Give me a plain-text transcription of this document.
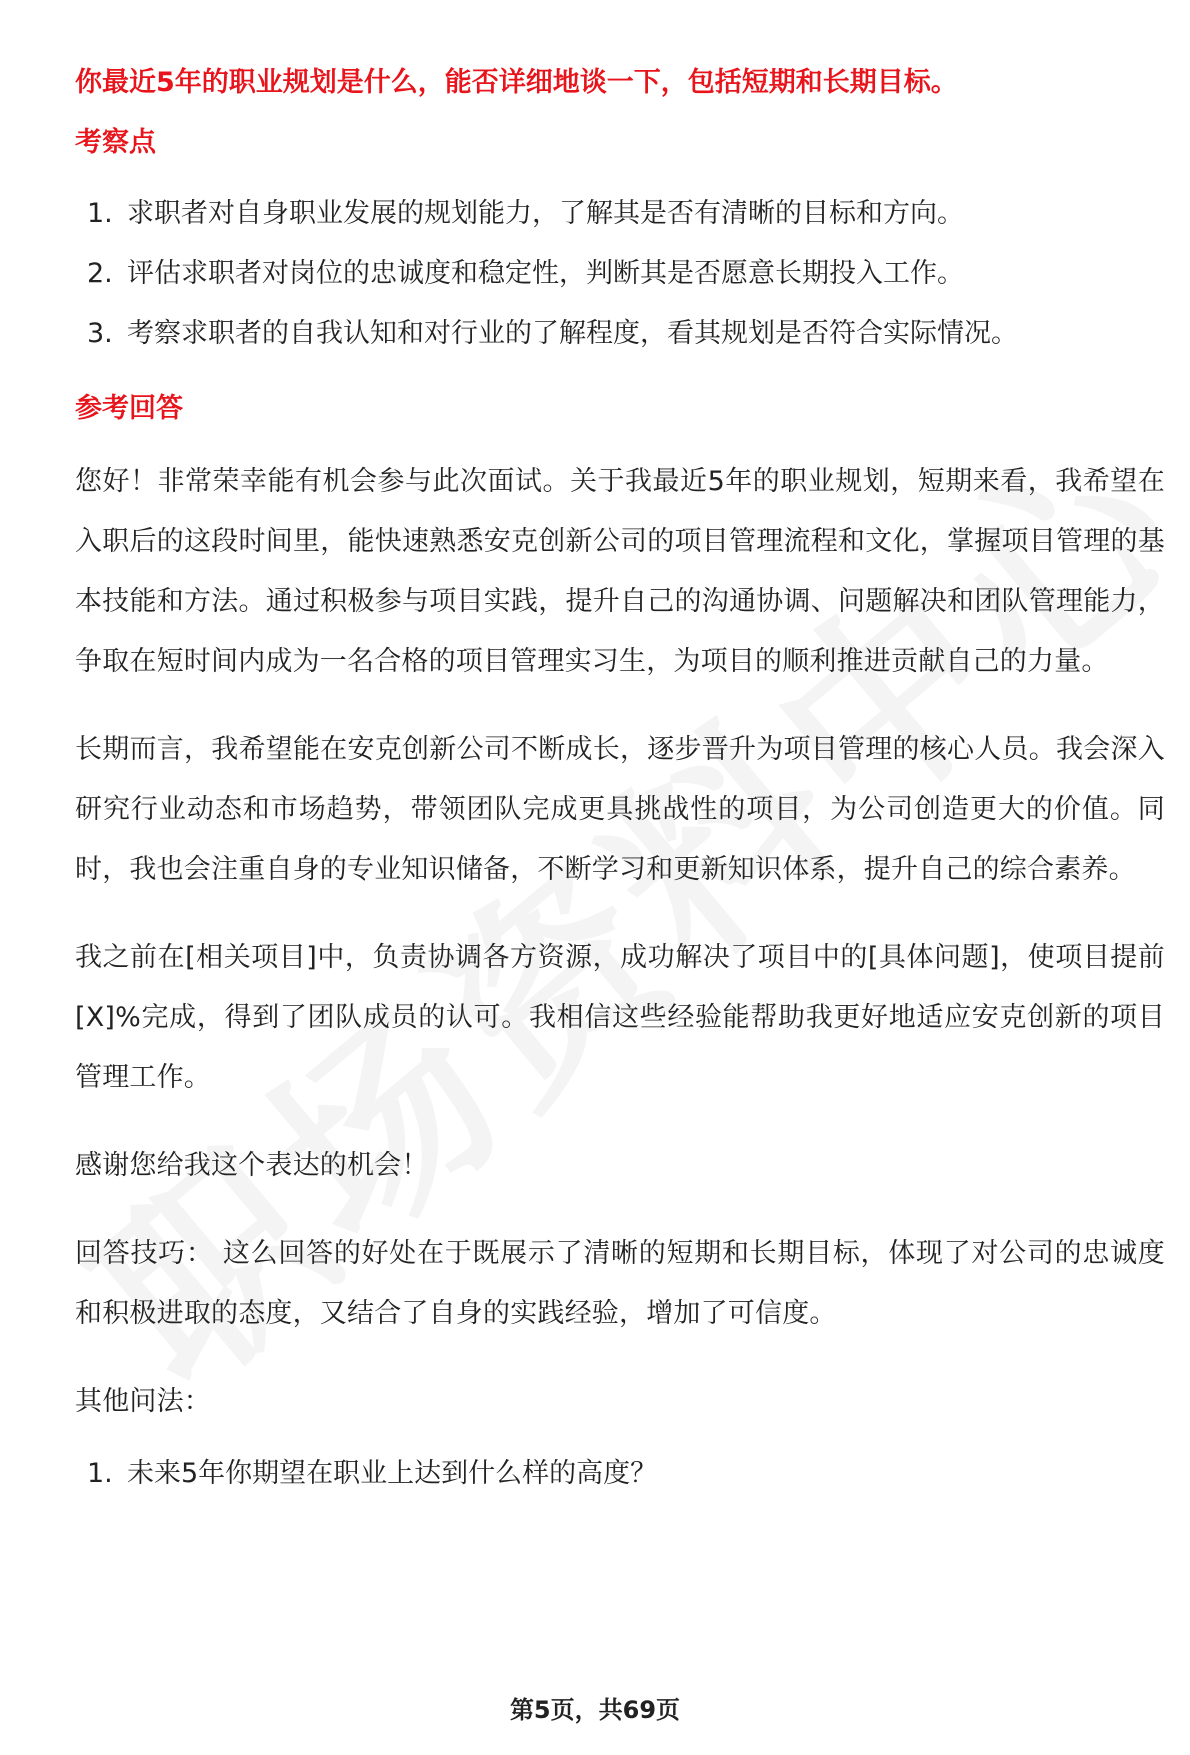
你最近5年的职业规划是什么，能否详细地谈一下，包括短期和长期目标。

考察点

1. 求职者对自身职业发展的规划能力，了解其是否有清晰的目标和方向。
2. 评估求职者对岗位的忠诚度和稳定性，判断其是否愿意长期投入工作。
3. 考察求职者的自我认知和对行业的了解程度，看其规划是否符合实际情况。

参考回答

您好！非常荣幸能有机会参与此次面试。关于我最近5年的职业规划，短期来看，我希望在入职后的这段时间里，能快速熟悉安克创新公司的项目管理流程和文化，掌握项目管理的基本技能和方法。通过积极参与项目实践，提升自己的沟通协调、问题解决和团队管理能力，争取在短时间内成为一名合格的项目管理实习生，为项目的顺利推进贡献自己的力量。

长期而言，我希望能在安克创新公司不断成长，逐步晋升为项目管理的核心人员。我会深入研究行业动态和市场趋势，带领团队完成更具挑战性的项目，为公司创造更大的价值。同时，我也会注重自身的专业知识储备，不断学习和更新知识体系，提升自己的综合素养。

我之前在[相关项目]中，负责协调各方资源，成功解决了项目中的[具体问题]，使项目提前[X]%完成，得到了团队成员的认可。我相信这些经验能帮助我更好地适应安克创新的项目管理工作。

感谢您给我这个表达的机会！

回答技巧： 这么回答的好处在于既展示了清晰的短期和长期目标，体现了对公司的忠诚度和积极进取的态度，又结合了自身的实践经验，增加了可信度。

其他问法：

1. 未来5年你期望在职业上达到什么样的高度？
第5页，共69页
